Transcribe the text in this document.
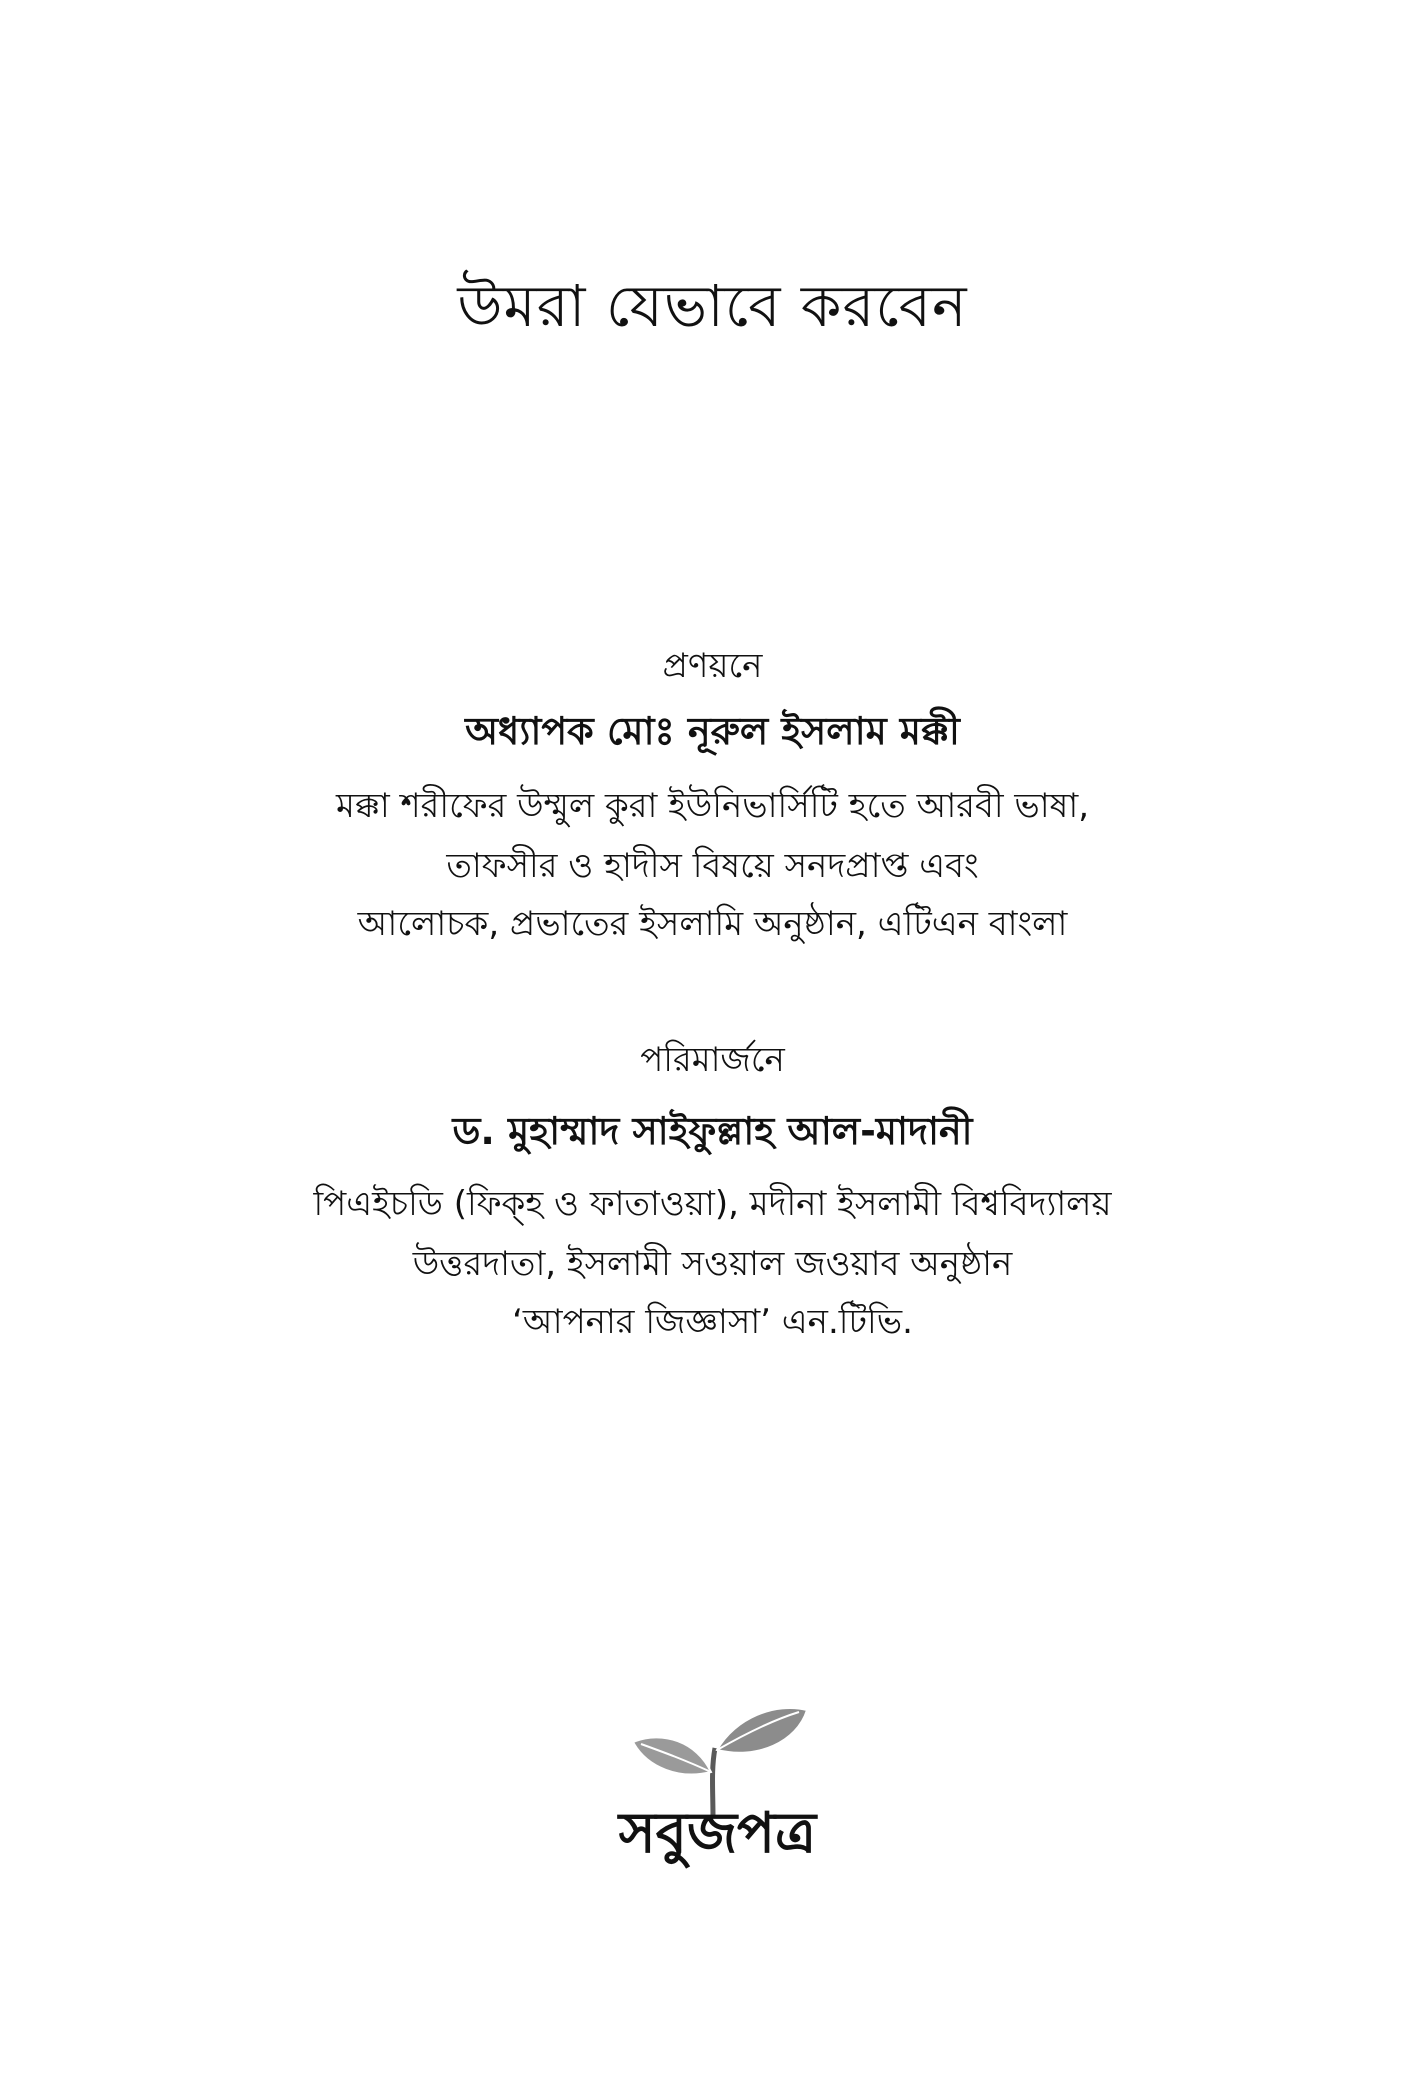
উমরা যেভাবে করবেন
প্রণয়নে
অধ্যাপক মোঃ নূরুল ইসলাম মক্কী
মক্কা শরীফের উম্মুল কুরা ইউনিভার্সিটি হতে আরবী ভাষা,
তাফসীর ও হাদীস বিষয়ে সনদপ্রাপ্ত এবং
আলোচক, প্রভাতের ইসলামি অনুষ্ঠান, এটিএন বাংলা
পরিমার্জনে
ড. মুহাম্মাদ সাইফুল্লাহ আল-মাদানী
পিএইচডি (ফিক্হ ও ফাতাওয়া), মদীনা ইসলামী বিশ্ববিদ্যালয়
উত্তরদাতা, ইসলামী সওয়াল জওয়াব অনুষ্ঠান
‘আপনার জিজ্ঞাসা’ এন.টিভি.
সবুজপত্র
